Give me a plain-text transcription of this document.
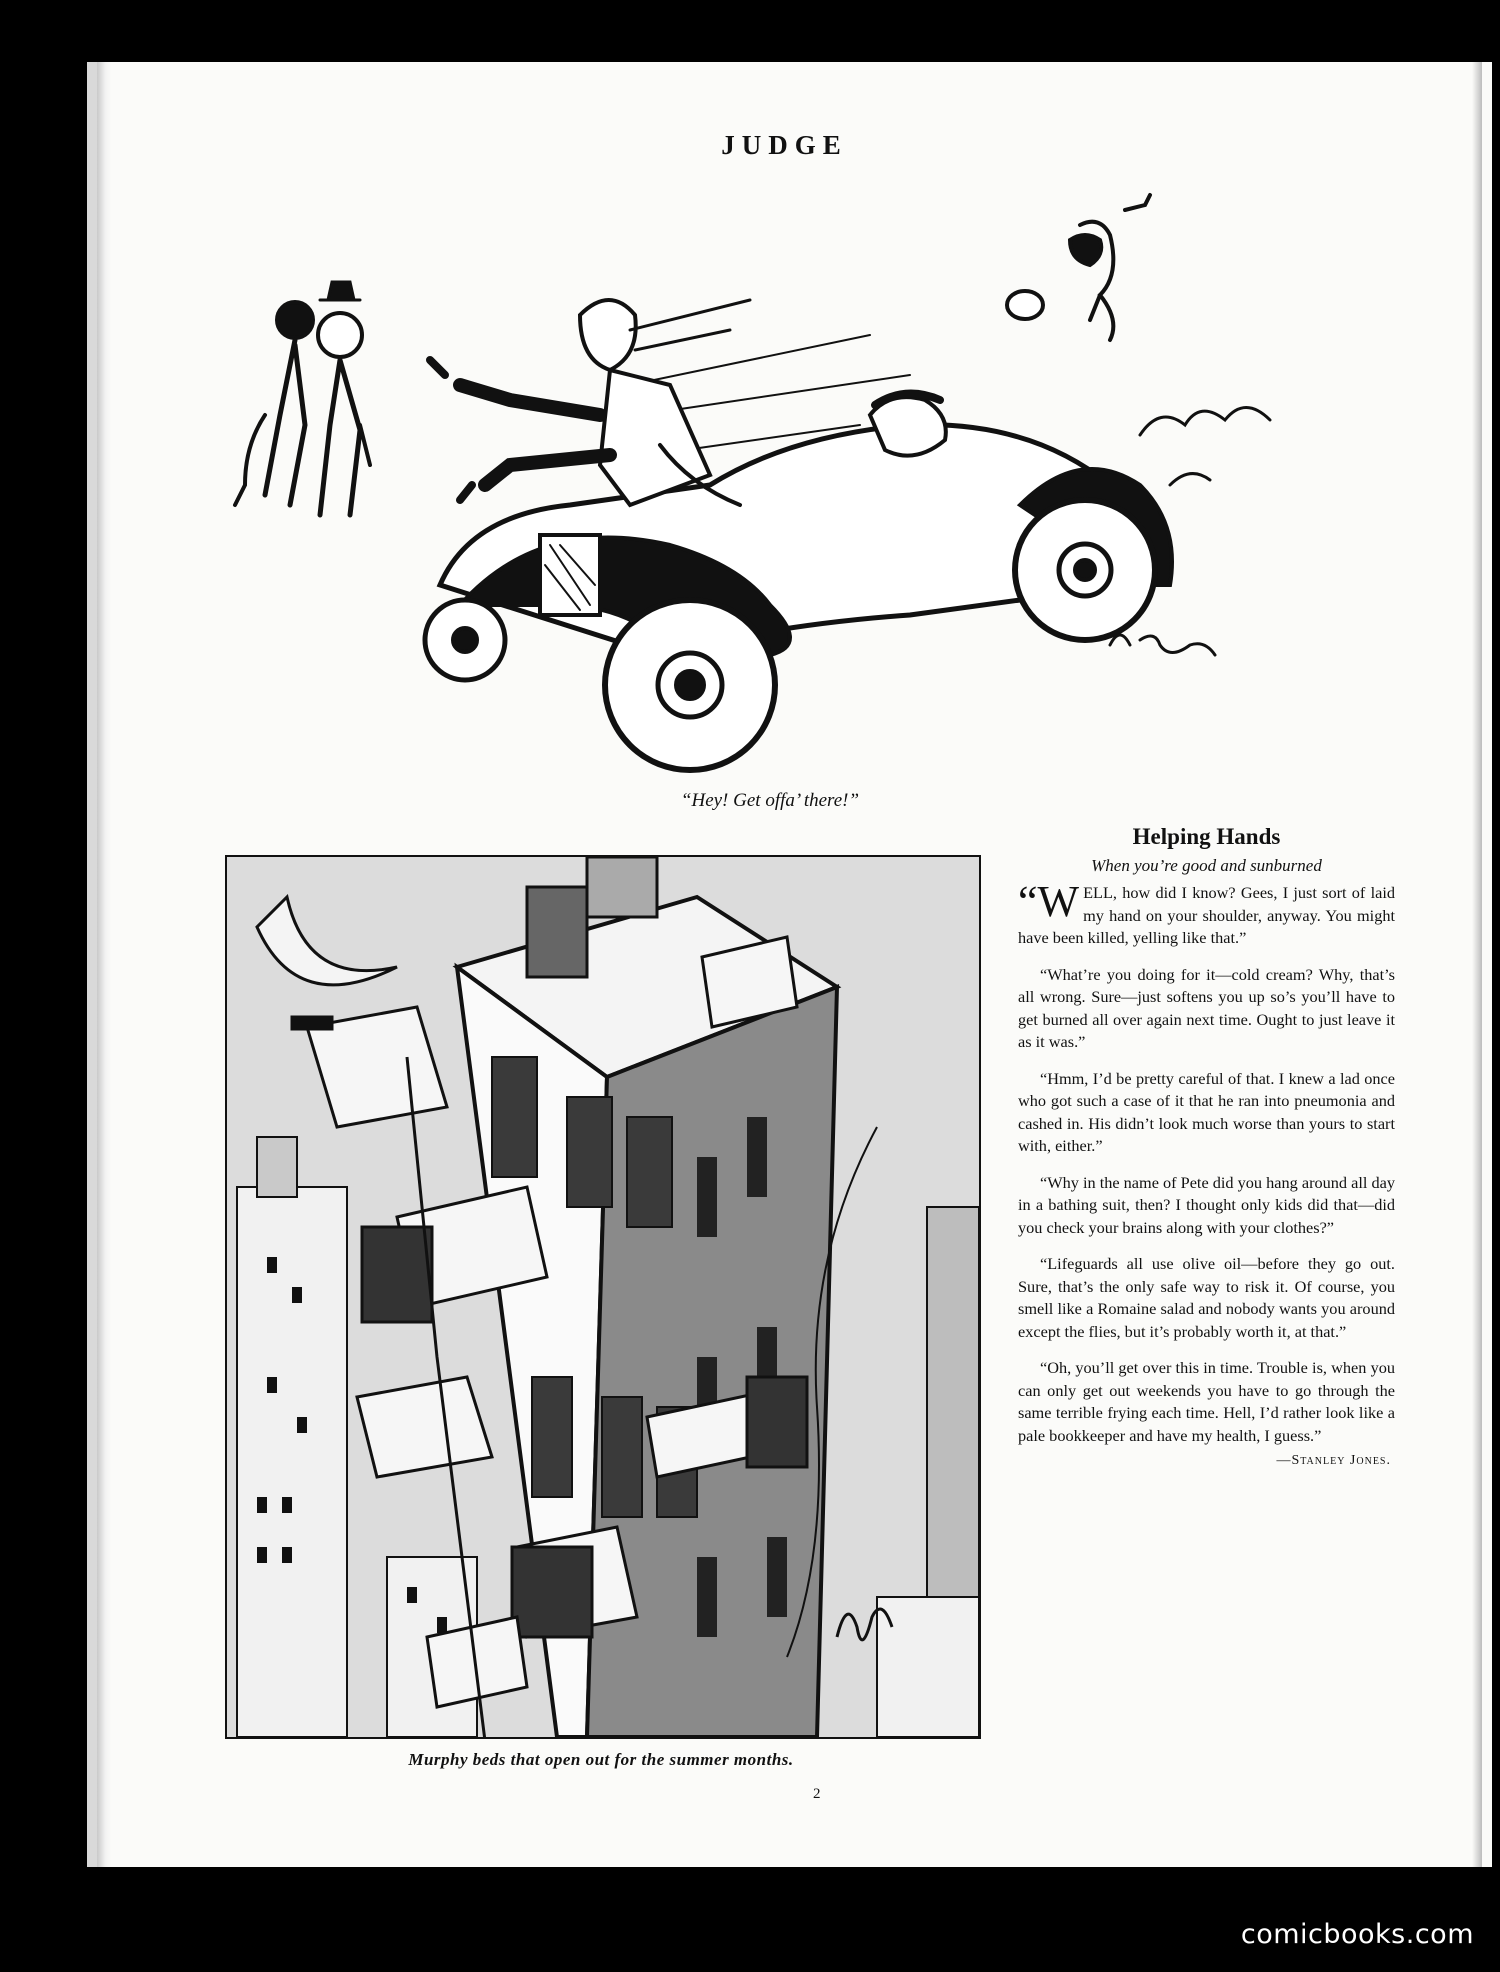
JUDGE
“Hey! Get offa’ there!”
Murphy beds that open out for the summer months.
2
Helping Hands
When you’re good and sunburned

“WELL, how did I know? Gees, I just sort of laid my hand on your shoulder, anyway. You might have been killed, yelling like that.”

“What’re you doing for it—cold cream? Why, that’s all wrong. Sure—just softens you up so’s you’ll have to get burned all over again next time. Ought to just leave it as it was.”

“Hmm, I’d be pretty careful of that. I knew a lad once who got such a case of it that he ran into pneumonia and cashed in. His didn’t look much worse than yours to start with, either.”

“Why in the name of Pete did you hang around all day in a bathing suit, then? I thought only kids did that—did you check your brains along with your clothes?”

“Lifeguards all use olive oil—before they go out. Sure, that’s the only safe way to risk it. Of course, you smell like a Romaine salad and nobody wants you around except the flies, but it’s probably worth it, at that.”

“Oh, you’ll get over this in time. Trouble is, when you can only get out weekends you have to go through the same terrible frying each time. Hell, I’d rather look like a pale bookkeeper and have my health, I guess.”

—Stanley Jones.
comicbooks.com
